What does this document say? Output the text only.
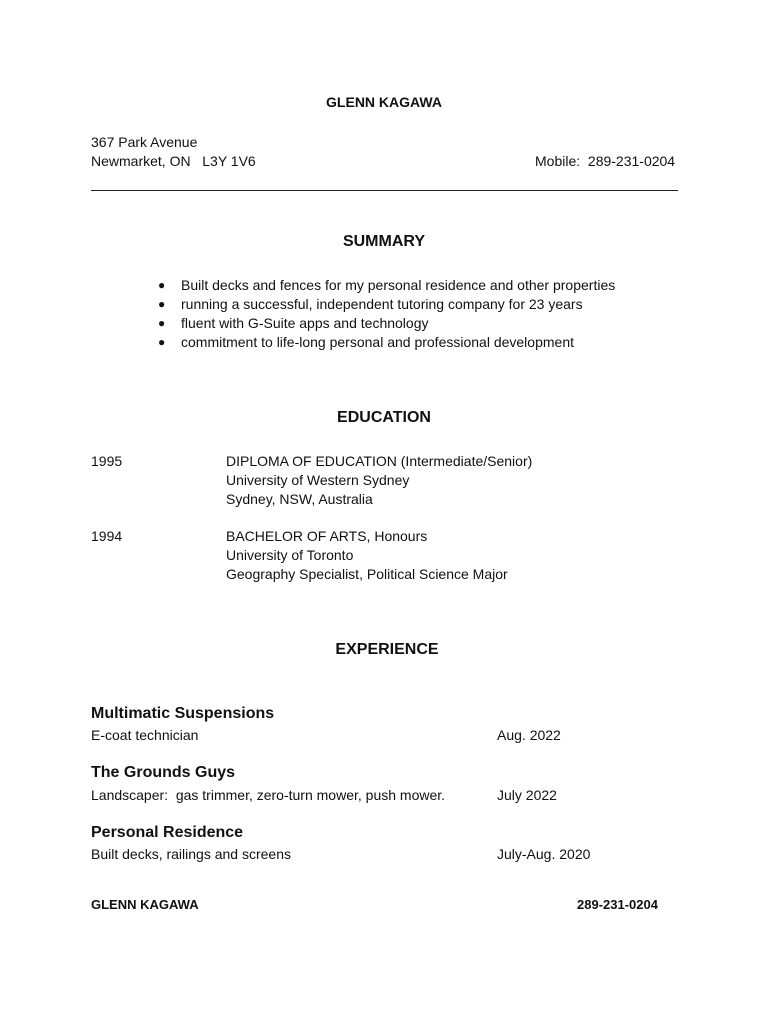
GLENN KAGAWA
367 Park Avenue
Newmarket, ON   L3Y 1V6	Mobile:  289-231-0204
SUMMARY
● Built decks and fences for my personal residence and other properties
● running a successful, independent tutoring company for 23 years
● fluent with G-Suite apps and technology
● commitment to life-long personal and professional development
EDUCATION
1995	DIPLOMA OF EDUCATION (Intermediate/Senior)
University of Western Sydney
Sydney, NSW, Australia
1994	BACHELOR OF ARTS, Honours
University of Toronto
Geography Specialist, Political Science Major
EXPERIENCE
Multimatic Suspensions
E-coat technician	Aug. 2022
The Grounds Guys
Landscaper:  gas trimmer, zero-turn mower, push mower.	July 2022
Personal Residence
Built decks, railings and screens	July-Aug. 2020
GLENN KAGAWA	289-231-0204
